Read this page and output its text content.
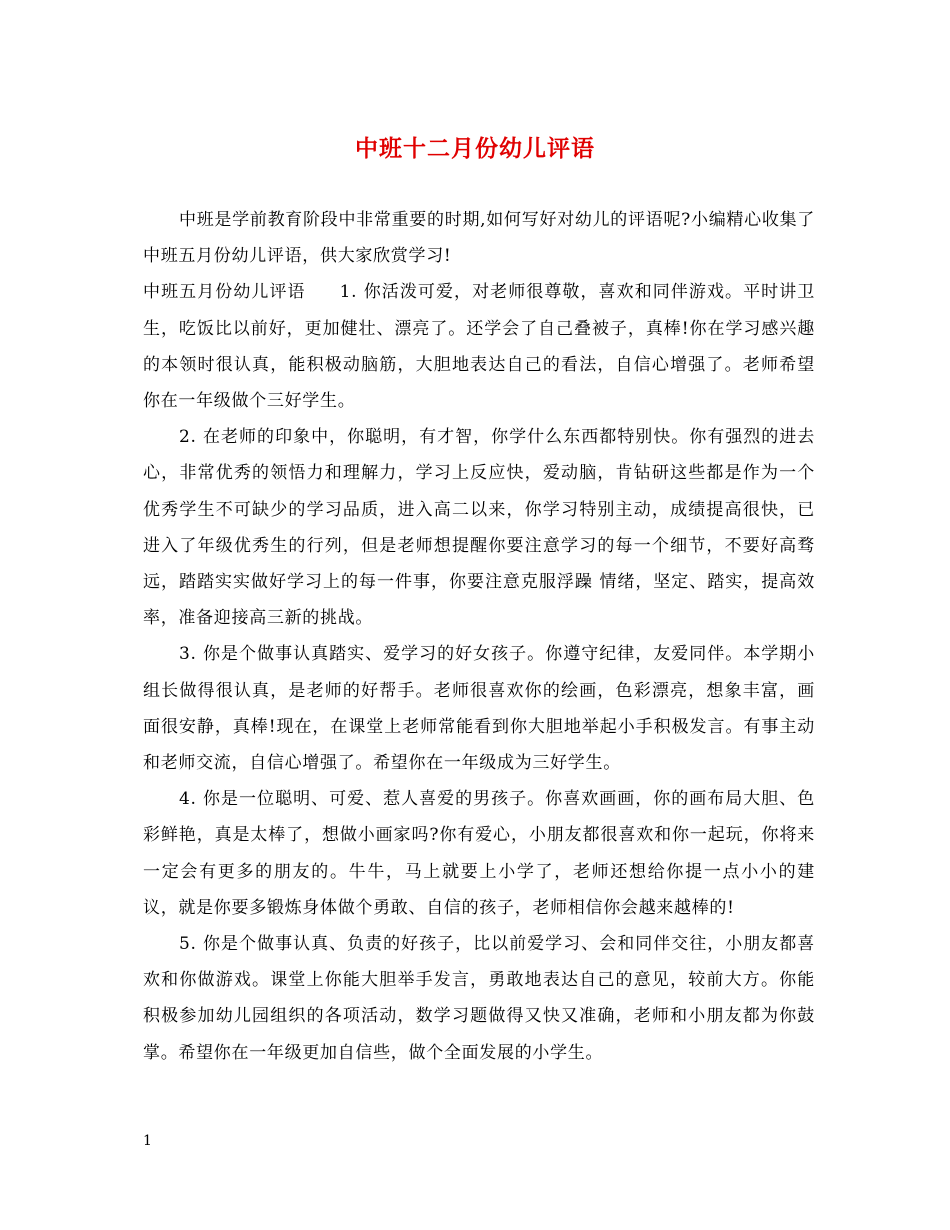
中班十二月份幼儿评语

中班是学前教育阶段中非常重要的时期,如何写好对幼儿的评语呢?小编精心收集了中班五月份幼儿评语，供大家欣赏学习!

中班五月份幼儿评语 1. 你活泼可爱，对老师很尊敬，喜欢和同伴游戏。平时讲卫生，吃饭比以前好，更加健壮、漂亮了。还学会了自己叠被子，真棒!你在学习感兴趣的本领时很认真，能积极动脑筋，大胆地表达自己的看法，自信心增强了。老师希望你在一年级做个三好学生。

2. 在老师的印象中，你聪明，有才智，你学什么东西都特别快。你有强烈的进去心，非常优秀的领悟力和理解力，学习上反应快，爱动脑，肯钻研这些都是作为一个优秀学生不可缺少的学习品质，进入高二以来，你学习特别主动，成绩提高很快，已进入了年级优秀生的行列，但是老师想提醒你要注意学习的每一个细节，不要好高骛远，踏踏实实做好学习上的每一件事，你要注意克服浮躁 情绪，坚定、踏实，提高效率，准备迎接高三新的挑战。

3. 你是个做事认真踏实、爱学习的好女孩子。你遵守纪律，友爱同伴。本学期小组长做得很认真，是老师的好帮手。老师很喜欢你的绘画，色彩漂亮，想象丰富，画面很安静，真棒!现在，在课堂上老师常能看到你大胆地举起小手积极发言。有事主动和老师交流，自信心增强了。希望你在一年级成为三好学生。

4. 你是一位聪明、可爱、惹人喜爱的男孩子。你喜欢画画，你的画布局大胆、色彩鲜艳，真是太棒了，想做小画家吗?你有爱心，小朋友都很喜欢和你一起玩，你将来一定会有更多的朋友的。牛牛，马上就要上小学了，老师还想给你提一点小小的建议，就是你要多锻炼身体做个勇敢、自信的孩子，老师相信你会越来越棒的!

5. 你是个做事认真、负责的好孩子，比以前爱学习、会和同伴交往，小朋友都喜欢和你做游戏。课堂上你能大胆举手发言，勇敢地表达自己的意见，较前大方。你能积极参加幼儿园组织的各项活动，数学习题做得又快又准确，老师和小朋友都为你鼓掌。希望你在一年级更加自信些，做个全面发展的小学生。

1
